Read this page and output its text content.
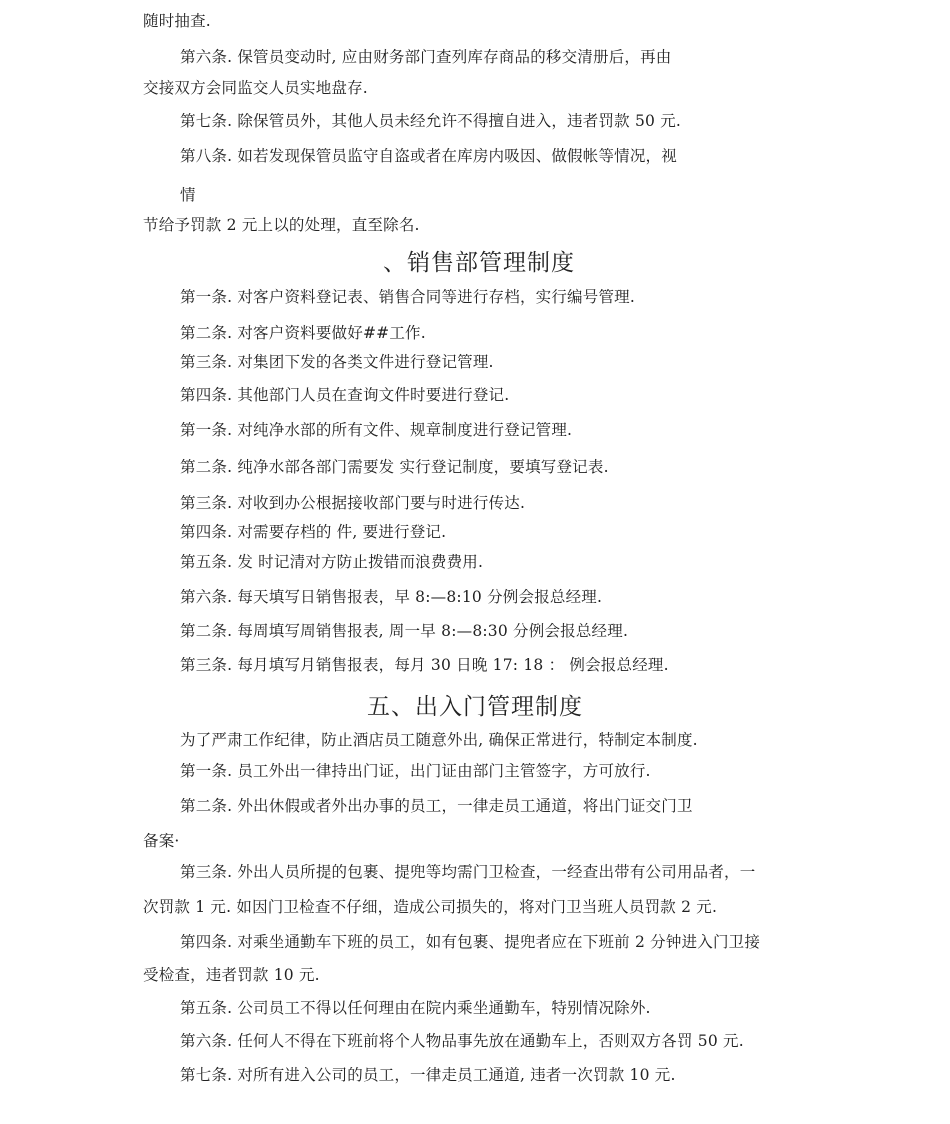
随时抽查.
第六条. 保管员变动时, 应由财务部门查列库存商品的移交清册后，再由
交接双方会同监交人员实地盘存.
第七条. 除保管员外，其他人员未经允许不得擅自进入，违者罚款 50 元.
第八条. 如若发现保管员监守自盗或者在库房内吸因、做假帐等情况，视
情
节给予罚款 2 元上以的处理，直至除名.
、销售部管理制度
第一条. 对客户资料登记表、销售合同等进行存档，实行编号管理.
第二条. 对客户资料要做好##工作.
第三条. 对集团下发的各类文件进行登记管理.
第四条. 其他部门人员在查询文件时要进行登记.
第一条. 对纯净水部的所有文件、规章制度进行登记管理.
第二条. 纯净水部各部门需要发 实行登记制度，要填写登记表.
第三条. 对收到办公根据接收部门要与时进行传达.
第四条. 对需要存档的 件, 要进行登记.
第五条. 发 时记清对方防止拨错而浪费费用.
第六条. 每天填写日销售报表，早 8:—8:10 分例会报总经理.
第二条. 每周填写周销售报表, 周一早 8:—8:30 分例会报总经理.
第三条. 每月填写月销售报表，每月 30 日晚 17: 18 ： 例会报总经理.
五、出入门管理制度
为了严肃工作纪律，防止酒店员工随意外出, 确保正常进行，特制定本制度.
第一条. 员工外出一律持出门证，出门证由部门主管签字，方可放行.
第二条. 外出休假或者外出办事的员工，一律走员工通道，将出门证交门卫
备案·
第三条. 外出人员所提的包裹、提兜等均需门卫检查，一经查出带有公司用品者，一
次罚款 1 元. 如因门卫检查不仔细，造成公司损失的，将对门卫当班人员罚款 2 元.
第四条. 对乘坐通勤车下班的员工，如有包裹、提兜者应在下班前 2 分钟进入门卫接
受检查，违者罚款 10 元.
第五条. 公司员工不得以任何理由在院内乘坐通勤车，特别情况除外.
第六条. 任何人不得在下班前将个人物品事先放在通勤车上，否则双方各罚 50 元.
第七条. 对所有进入公司的员工，一律走员工通道, 违者一次罚款 10 元.
